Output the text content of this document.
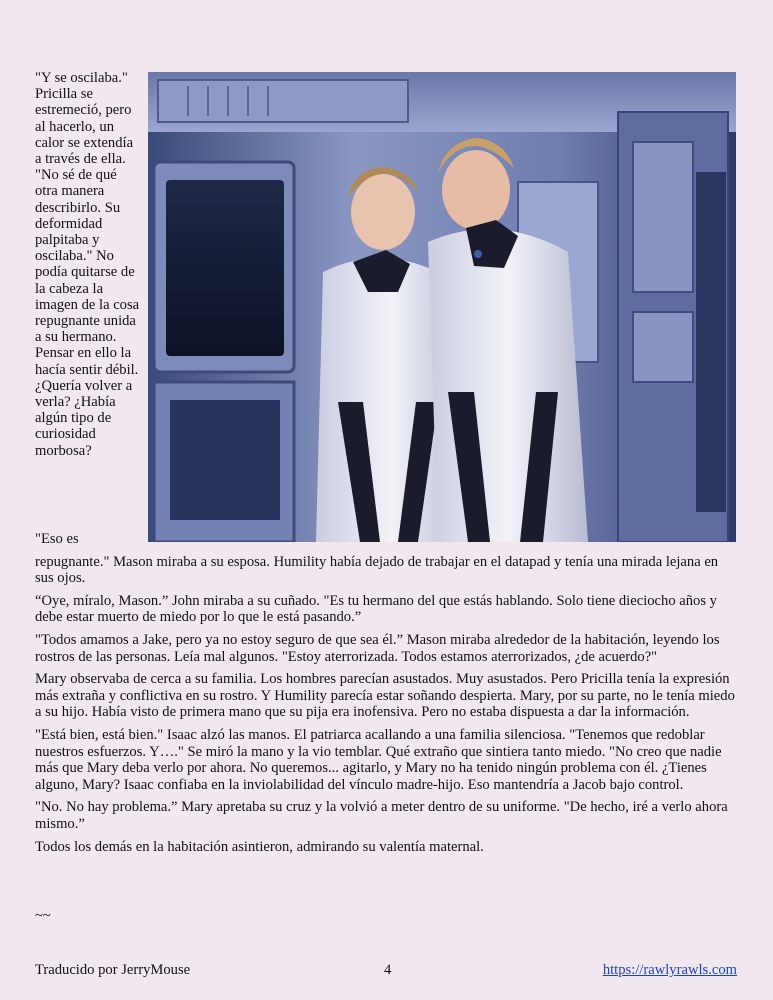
"Y se oscilaba." Pricilla se estremeció, pero al hacerlo, un calor se extendía a través de ella. "No sé de qué otra manera describirlo. Su deformidad palpitaba y oscilaba." No podía quitarse de la cabeza la imagen de la cosa repugnante unida a su hermano. Pensar en ello la hacía sentir débil. ¿Quería volver a verla? ¿Había algún tipo de curiosidad morbosa?
"Eso es

repugnante." Mason miraba a su esposa. Humility había dejado de trabajar en el datapad y tenía una mirada lejana en sus ojos.

“Oye, míralo, Mason.” John miraba a su cuñado. "Es tu hermano del que estás hablando. Solo tiene dieciocho años y debe estar muerto de miedo por lo que le está pasando.”

"Todos amamos a Jake, pero ya no estoy seguro de que sea él.” Mason miraba alrededor de la habitación, leyendo los rostros de las personas. Leía mal algunos. "Estoy aterrorizada. Todos estamos aterrorizados, ¿de acuerdo?"

Mary observaba de cerca a su familia. Los hombres parecían asustados. Muy asustados. Pero Pricilla tenía la expresión más extraña y conflictiva en su rostro. Y Humility parecía estar soñando despierta. Mary, por su parte, no le tenía miedo a su hijo. Había visto de primera mano que su pija era inofensiva. Pero no estaba dispuesta a dar la información.

"Está bien, está bien." Isaac alzó las manos. El patriarca acallando a una familia silenciosa. "Tenemos que redoblar nuestros esfuerzos. Y…." Se miró la mano y la vio temblar. Qué extraño que sintiera tanto miedo. "No creo que nadie más que Mary deba verlo por ahora. No queremos... agitarlo, y Mary no ha tenido ningún problema con él. ¿Tienes alguno, Mary? Isaac confiaba en la inviolabilidad del vínculo madre-hijo. Eso mantendría a Jacob bajo control.

"No. No hay problema.” Mary apretaba su cruz y la volvió a meter dentro de su uniforme. "De hecho, iré a verlo ahora mismo.”

Todos los demás en la habitación asintieron, admirando su valentía maternal.

~~
Traducido por JerryMouse	4	https://rawlyrawls.com
